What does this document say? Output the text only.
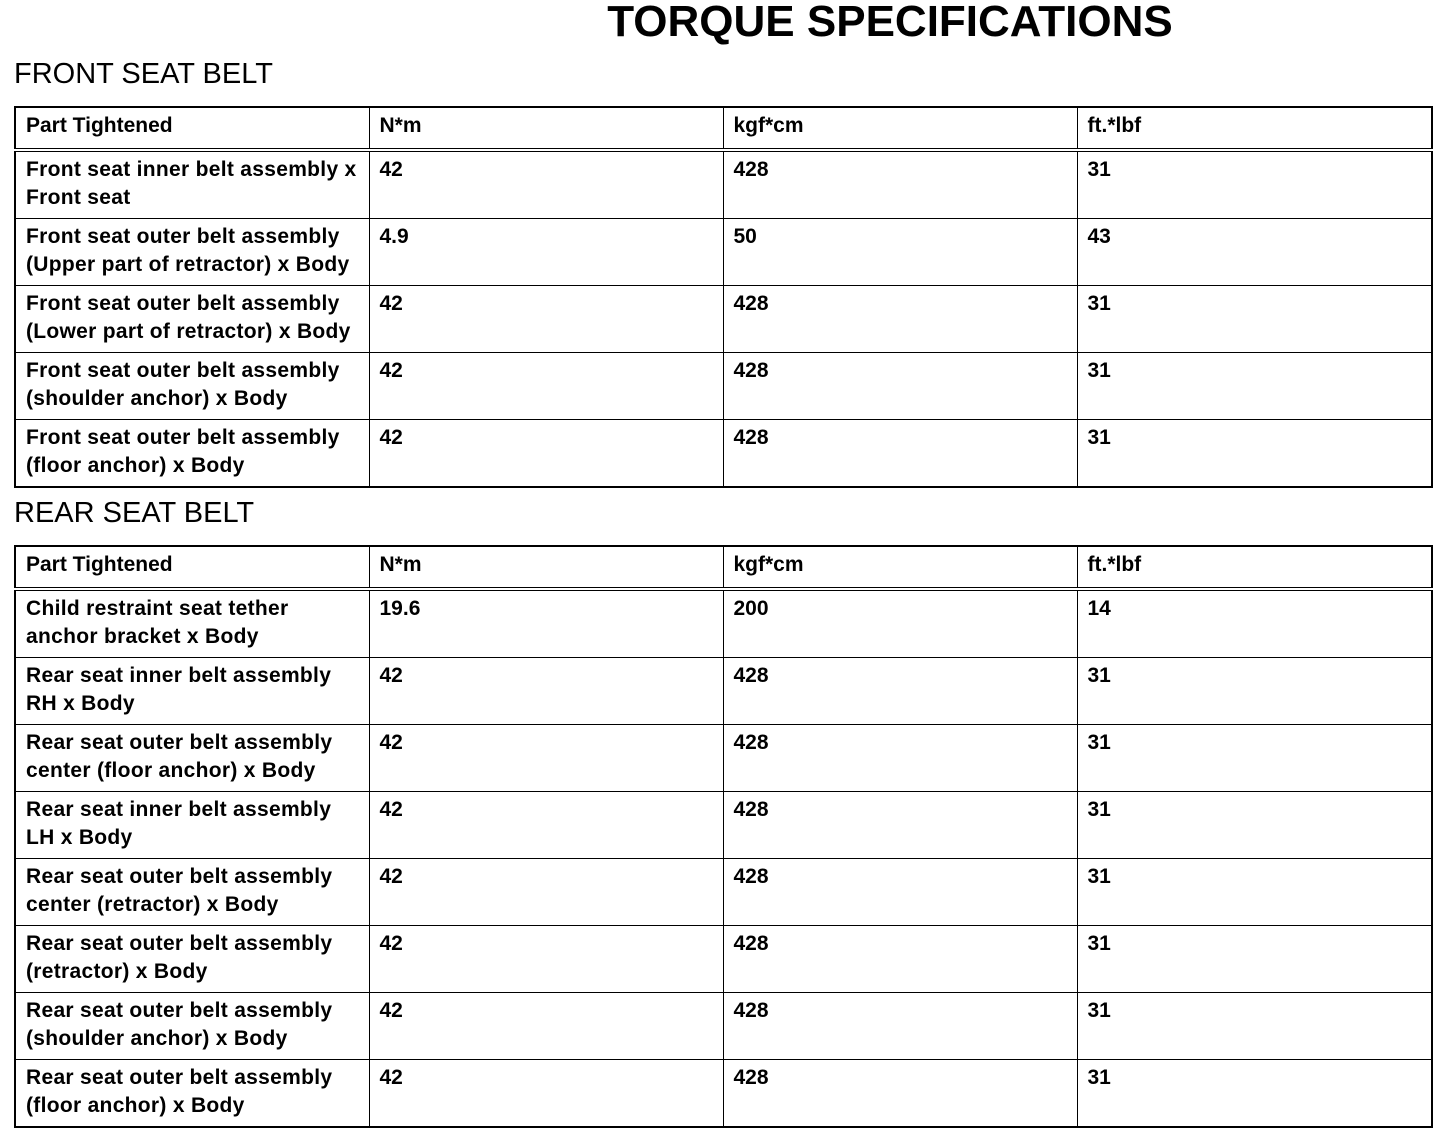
TORQUE SPECIFICATIONS
FRONT SEAT BELT
Part Tightened	N*m	kgf*cm	ft.*lbf
Front seat inner belt assembly x Front seat	42	428	31
Front seat outer belt assembly (Upper part of retractor) x Body	4.9	50	43
Front seat outer belt assembly (Lower part of retractor) x Body	42	428	31
Front seat outer belt assembly (shoulder anchor) x Body	42	428	31
Front seat outer belt assembly (floor anchor) x Body	42	428	31
REAR SEAT BELT
Part Tightened	N*m	kgf*cm	ft.*lbf
Child restraint seat tether anchor bracket x Body	19.6	200	14
Rear seat inner belt assembly RH x Body	42	428	31
Rear seat outer belt assembly center (floor anchor) x Body	42	428	31
Rear seat inner belt assembly LH x Body	42	428	31
Rear seat outer belt assembly center (retractor) x Body	42	428	31
Rear seat outer belt assembly (retractor) x Body	42	428	31
Rear seat outer belt assembly (shoulder anchor) x Body	42	428	31
Rear seat outer belt assembly (floor anchor) x Body	42	428	31
